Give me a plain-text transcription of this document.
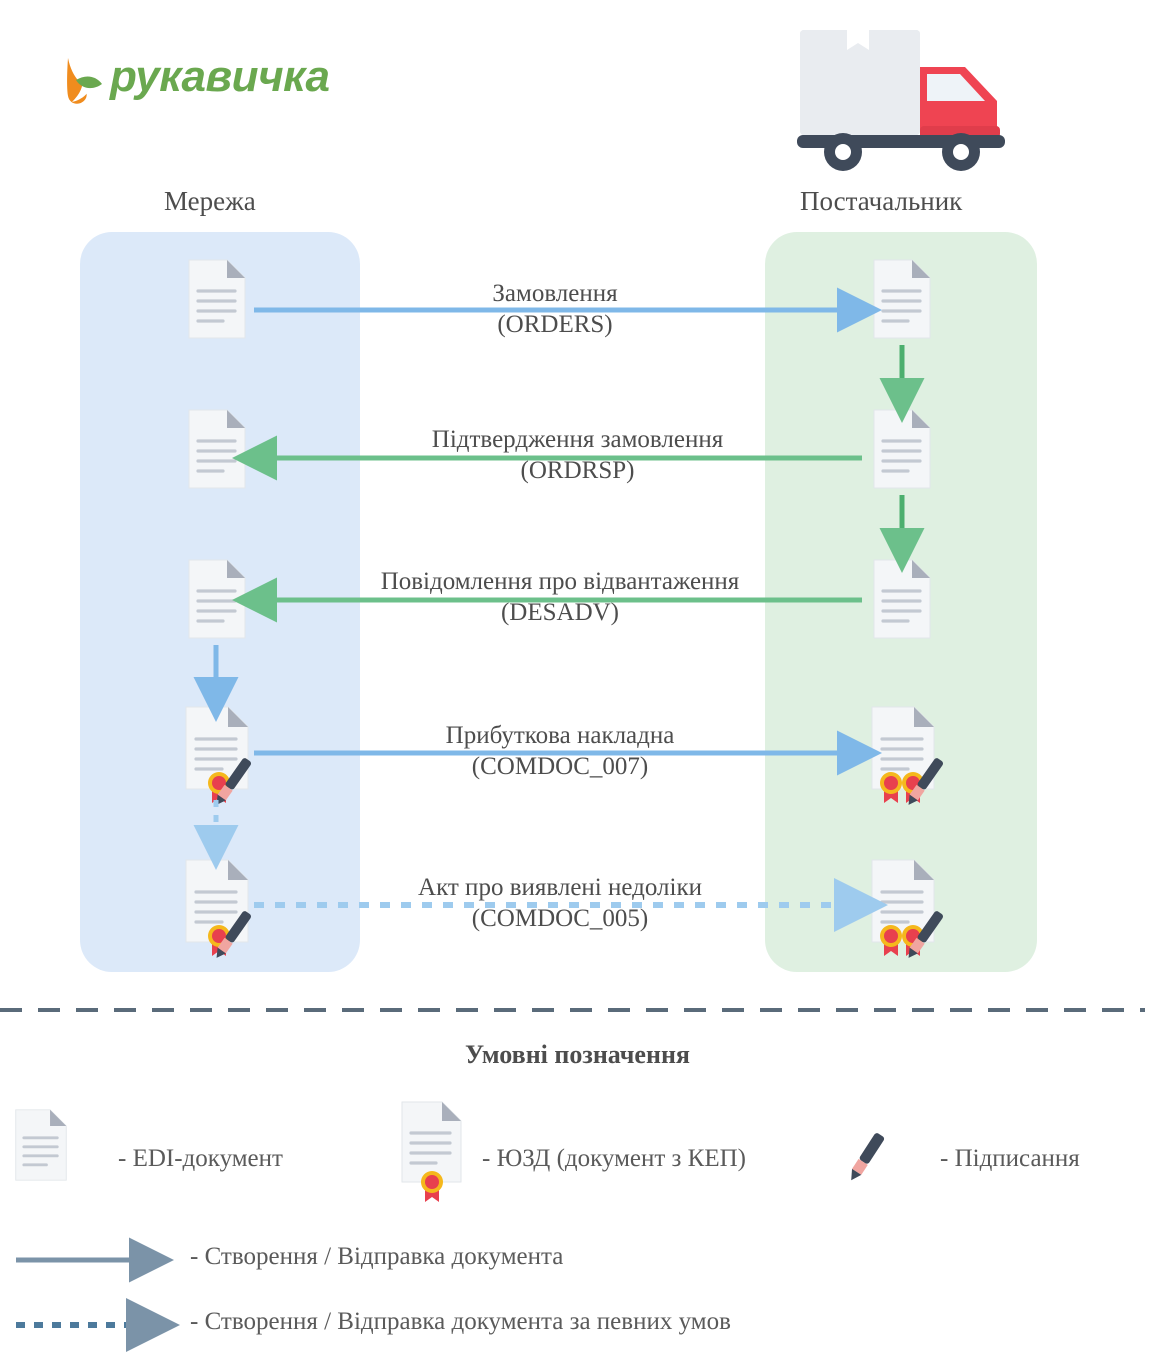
рукавичка
Мережа	Постачальник
Замовлення
(ORDERS)
Підтвердження замовлення
(ORDRSP)
Повідомлення про відвантаження
(DESADV)
Прибуткова накладна
(COMDOC_007)
Акт про виявлені недоліки
(COMDOC_005)
Умовні позначення
- EDI-документ	- ЮЗД (документ з КЕП)	- Підписання
- Створення / Відправка документа
- Створення / Відправка документа за певних умов
